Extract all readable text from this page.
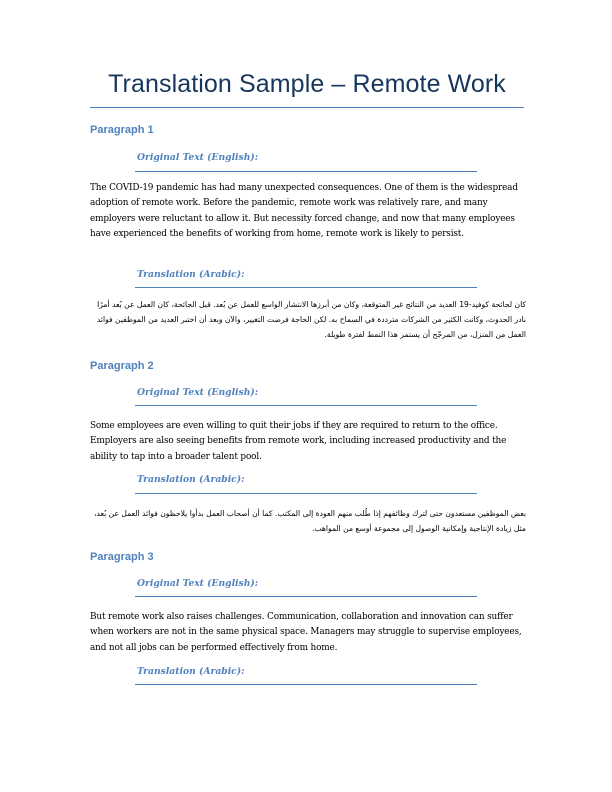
Translation Sample – Remote Work
Paragraph 1
Original Text (English):
The COVID-19 pandemic has had many unexpected consequences. One of them is the widespread adoption of remote work. Before the pandemic, remote work was relatively rare, and many employers were reluctant to allow it. But necessity forced change, and now that many employees have experienced the benefits of working from home, remote work is likely to persist.
Translation (Arabic):
كان لجائحة كوفيد-19 العديد من النتائج غير المتوقعة، وكان من أبرزها الانتشار الواسع للعمل عن بُعد. قبل الجائحة، كان العمل عن بُعد أمرًا نادر الحدوث، وكانت الكثير من الشركات مترددة في السماح به. لكن الحاجة فرضت التغيير، والآن وبعد أن اختبر العديد من الموظفين فوائد العمل من المنزل، من المرجّح أن يستمر هذا النمط لفترة طويلة.
Paragraph 2
Original Text (English):
Some employees are even willing to quit their jobs if they are required to return to the office. Employers are also seeing benefits from remote work, including increased productivity and the ability to tap into a broader talent pool.
Translation (Arabic):
بعض الموظفين مستعدون حتى لترك وظائفهم إذا طُلب منهم العودة إلى المكتب. كما أن أصحاب العمل بدأوا يلاحظون فوائد العمل عن بُعد، مثل زيادة الإنتاجية وإمكانية الوصول إلى مجموعة أوسع من المواهب.
Paragraph 3
Original Text (English):
But remote work also raises challenges. Communication, collaboration and innovation can suffer when workers are not in the same physical space. Managers may struggle to supervise employees, and not all jobs can be performed effectively from home.
Translation (Arabic):
